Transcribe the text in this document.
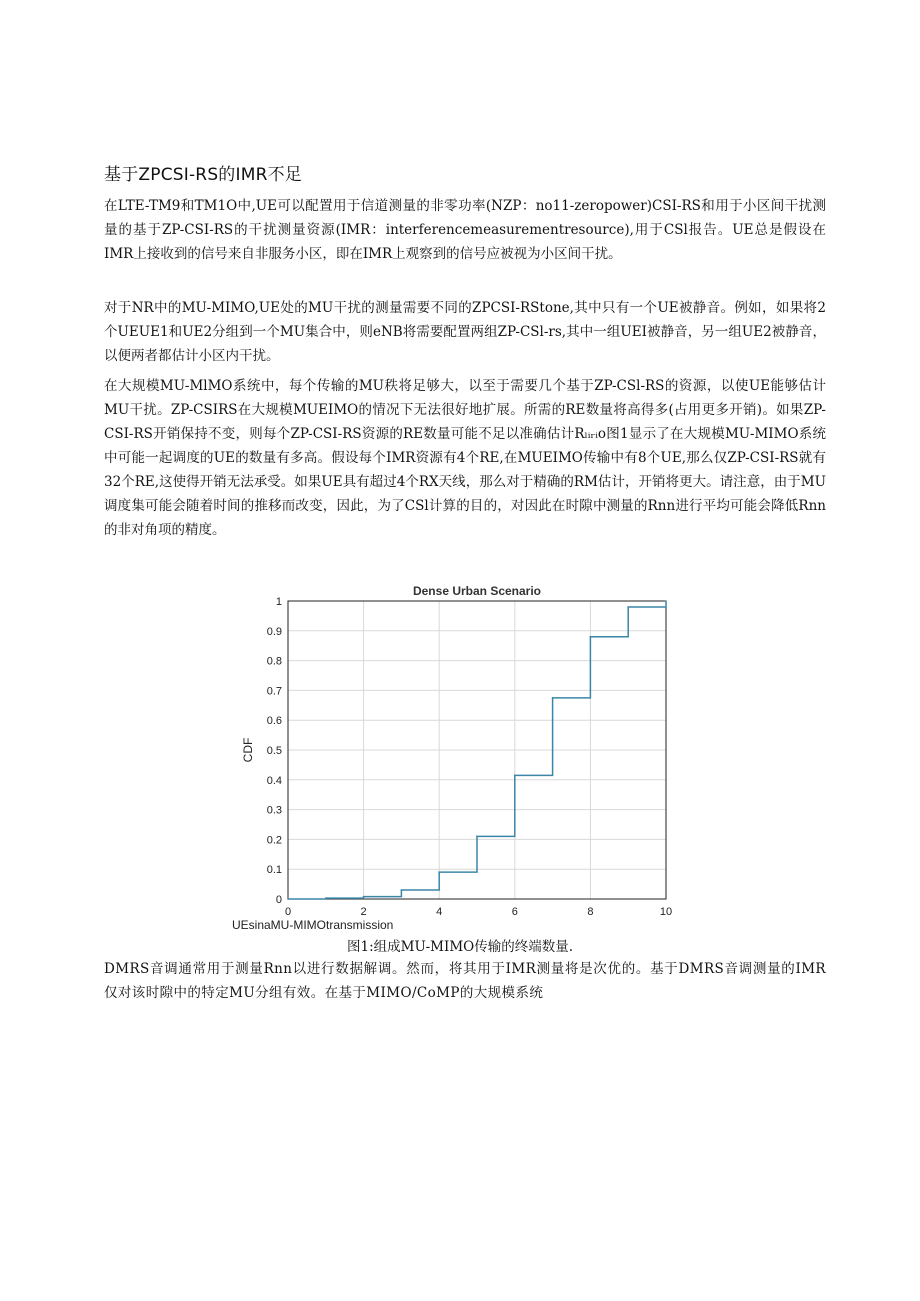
基于ZPCSI-RS的IMR不足

在LTE-TM9和TM1O中,UE可以配置用于信道测量的非零功率(NZP：no11-zeropower)CSI-RS和用于小区间干扰测量的基于ZP-CSI-RS的干扰测量资源(IMR：interferencemeasurementresource),用于CSl报告。UE总是假设在IMR上接收到的信号来自非服务小区，即在IMR上观察到的信号应被视为小区间干扰。

对于NR中的MU-MIMO,UE处的MU干扰的测量需要不同的ZPCSI-RStone,其中只有一个UE被静音。例如，如果将2个UEUE1和UE2分组到一个MU集合中，则eNB将需要配置两组ZP-CSl-rs,其中一组UEI被静音，另一组UE2被静音，以便两者都估计小区内干扰。

在大规模MU-MlMO系统中，每个传输的MU秩将足够大，以至于需要几个基于ZP-CSl-RS的资源，以使UE能够估计MU干扰。ZP-CSIRS在大规模MUEIMO的情况下无法很好地扩展。所需的RE数量将高得多(占用更多开销)。如果ZP-CSI-RS开销保持不变，则每个ZP-CSI-RS资源的RE数量可能不足以准确估计Rₗᵢᵣᵢo图1显示了在大规模MU-MIMO系统中可能一起调度的UE的数量有多高。假设每个IMR资源有4个RE,在MUEIMO传输中有8个UE,那么仅ZP-CSI-RS就有32个RE,这使得开销无法承受。如果UE具有超过4个RX天线，那么对于精确的RM估计，开销将更大。请注意，由于MU调度集可能会随着时间的推移而改变，因此，为了CSl计算的目的，对因此在时隙中测量的Rnn进行平均可能会降低Rnn的非对角项的精度。

Dense Urban Scenario
0	2	4	6	8	10
0
0.1
0.2
0.3
0.4
0.5
0.6
0.7
0.8
0.9
1
CDF
UEsinaMU-MIMOtransmission
图1:组成MU-MIMO传输的终端数量.

DMRS音调通常用于测量Rnn以进行数据解调。然而，将其用于IMR测量将是次优的。基于DMRS音调测量的IMR仅对该时隙中的特定MU分组有效。在基于MIMO/CoMP的大规模系统
